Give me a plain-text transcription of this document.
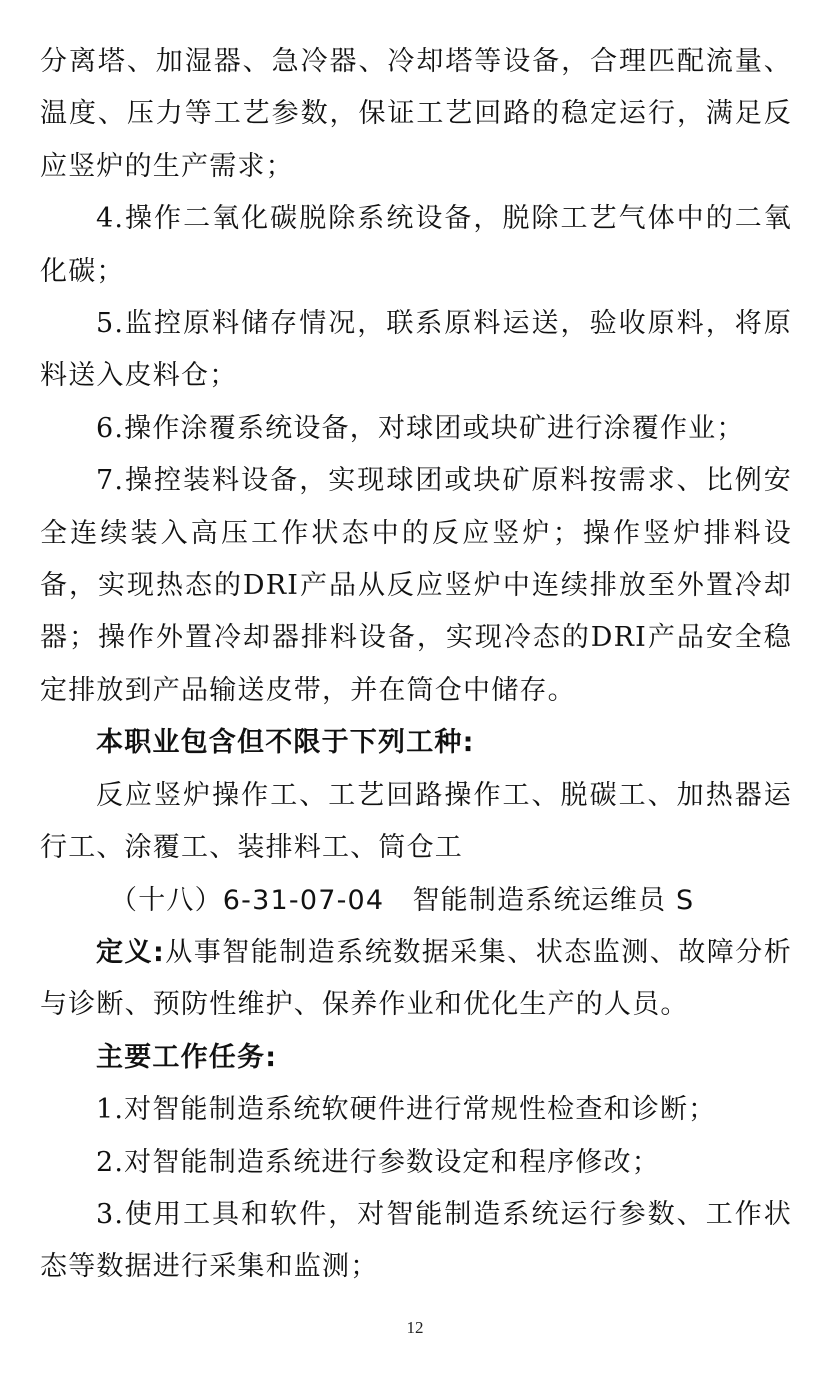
分离塔、加湿器、急冷器、冷却塔等设备，合理匹配流量、温度、压力等工艺参数，保证工艺回路的稳定运行，满足反应竖炉的生产需求；

4.操作二氧化碳脱除系统设备，脱除工艺气体中的二氧化碳；

5.监控原料储存情况，联系原料运送，验收原料，将原料送入皮料仓；

6.操作涂覆系统设备，对球团或块矿进行涂覆作业；

7.操控装料设备，实现球团或块矿原料按需求、比例安全连续装入高压工作状态中的反应竖炉；操作竖炉排料设备，实现热态的DRI产品从反应竖炉中连续排放至外置冷却器；操作外置冷却器排料设备，实现冷态的DRI产品安全稳定排放到产品输送皮带，并在筒仓中储存。

本职业包含但不限于下列工种:

反应竖炉操作工、工艺回路操作工、脱碳工、加热器运行工、涂覆工、装排料工、筒仓工

（十八）6-31-07-04　智能制造系统运维员 S

定义:从事智能制造系统数据采集、状态监测、故障分析与诊断、预防性维护、保养作业和优化生产的人员。

主要工作任务:

1.对智能制造系统软硬件进行常规性检查和诊断；

2.对智能制造系统进行参数设定和程序修改；

3.使用工具和软件，对智能制造系统运行参数、工作状态等数据进行采集和监测；

12
